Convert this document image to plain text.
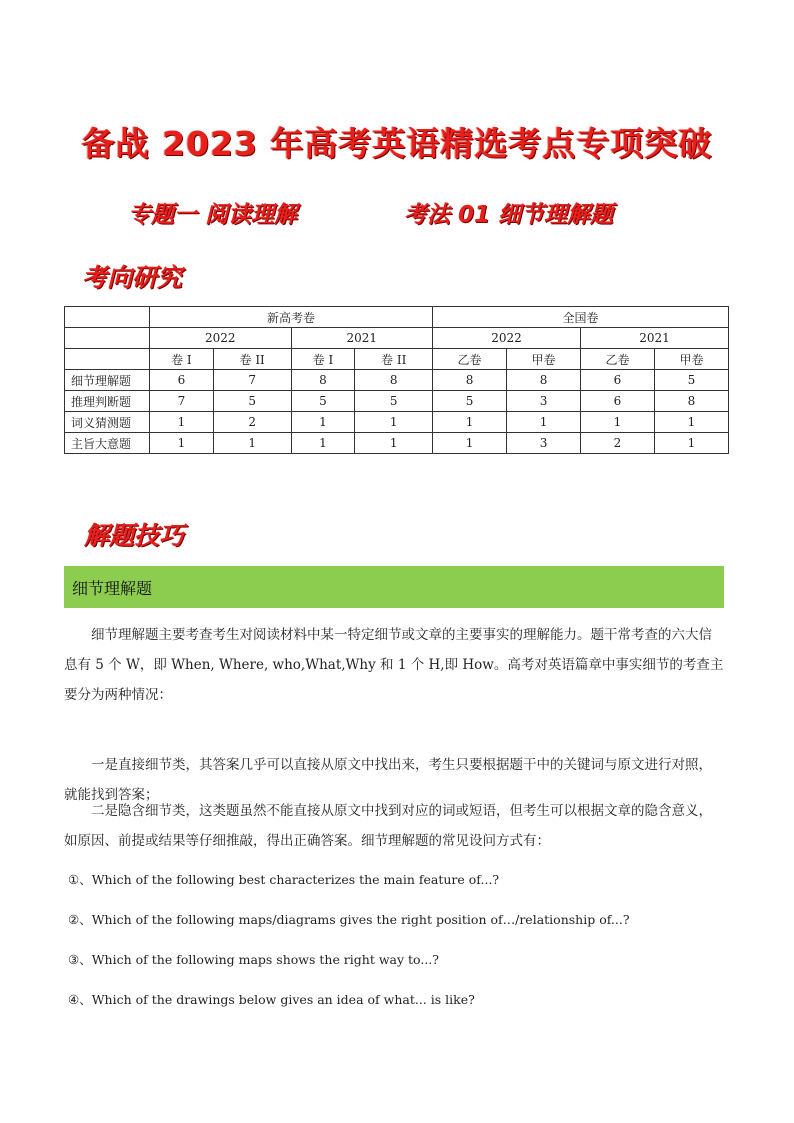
备战 2023 年高考英语精选考点专项突破
专题一 阅读理解	考法 01 细节理解题
考向研究
	新高考卷				全国卷			
	2022		2021		2022		2021	
	卷 I	卷 II	卷 I	卷 II	乙卷	甲卷	乙卷	甲卷
细节理解题	6	7	8	8	8	8	6	5
推理判断题	7	5	5	5	5	3	6	8
词义猜测题	1	2	1	1	1	1	1	1
主旨大意题	1	1	1	1	1	3	2	1
解题技巧
细节理解题
细节理解题主要考查考生对阅读材料中某一特定细节或文章的主要事实的理解能力。题干常考查的六大信息有 5 个 W，即 When, Where, who,What,Why 和 1 个 H,即 How。高考对英语篇章中事实细节的考查主要分为两种情况：
一是直接细节类，其答案几乎可以直接从原文中找出来，考生只要根据题干中的关键词与原文进行对照，就能找到答案；
二是隐含细节类，这类题虽然不能直接从原文中找到对应的词或短语，但考生可以根据文章的隐含意义，如原因、前提或结果等仔细推敲，得出正确答案。细节理解题的常见设问方式有：
①、Which of the following best characterizes the main feature of...?
②、Which of the following maps/diagrams gives the right position of…/relationship of...?
③、Which of the following maps shows the right way to...?
④、Which of the drawings below gives an idea of what... is like?
